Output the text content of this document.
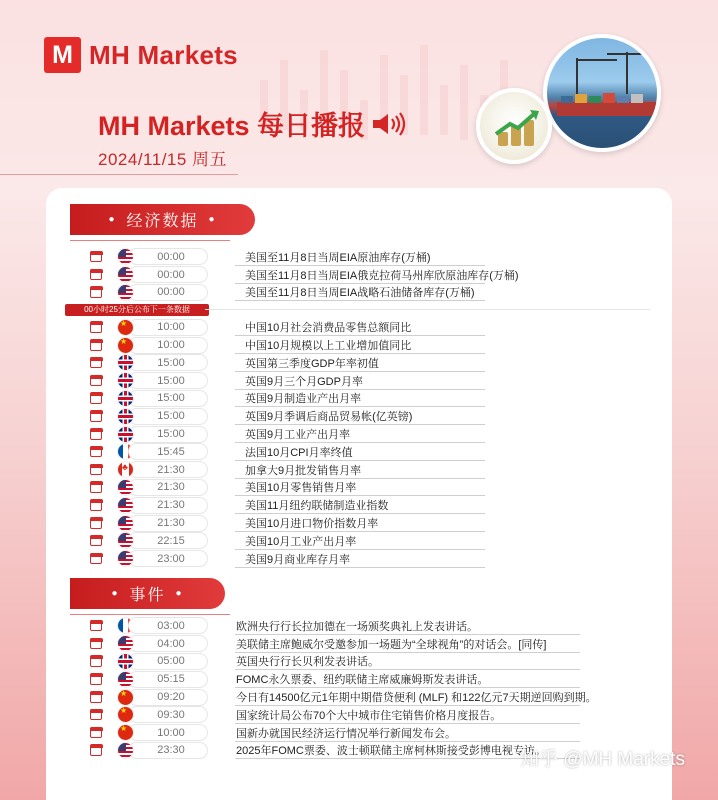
M MH Markets
MH Markets 每日播报
2024/11/15 周五
● 经济数据 ●
00:00	美国至11月8日当周EIA原油库存(万桶)
00:00	美国至11月8日当周EIA俄克拉荷马州库欣原油库存(万桶)
00:00	美国至11月8日当周EIA战略石油储备库存(万桶)
00小时25分后公布下一条数据
★
10:00	中国10月社会消费品零售总额同比
★
10:00	中国10月规模以上工业增加值同比
15:00	英国第三季度GDP年率初值
15:00	英国9月三个月GDP月率
15:00	英国9月制造业产出月率
15:00	英国9月季调后商品贸易帐(亿英镑)
15:00	英国9月工业产出月率
15:45	法国10月CPI月率终值
♣
21:30	加拿大9月批发销售月率
21:30	美国10月零售销售月率
21:30	美国11月纽约联储制造业指数
21:30	美国10月进口物价指数月率
22:15	美国10月工业产出月率
23:00	美国9月商业库存月率
● 事件 ●
03:00	欧洲央行行长拉加德在一场颁奖典礼上发表讲话。
04:00	美联储主席鲍威尔受邀参加一场题为“全球视角”的对话会。[同传]
05:00	英国央行行长贝利发表讲话。
05:15	FOMC永久票委、纽约联储主席威廉姆斯发表讲话。
★
09:20	今日有14500亿元1年期中期借贷便利 (MLF) 和122亿元7天期逆回购到期。
★
09:30	国家统计局公布70个大中城市住宅销售价格月度报告。
★
10:00	国新办就国民经济运行情况举行新闻发布会。
23:30	2025年FOMC票委、波士顿联储主席柯林斯接受彭博电视专访。
知乎 @MH Markets
